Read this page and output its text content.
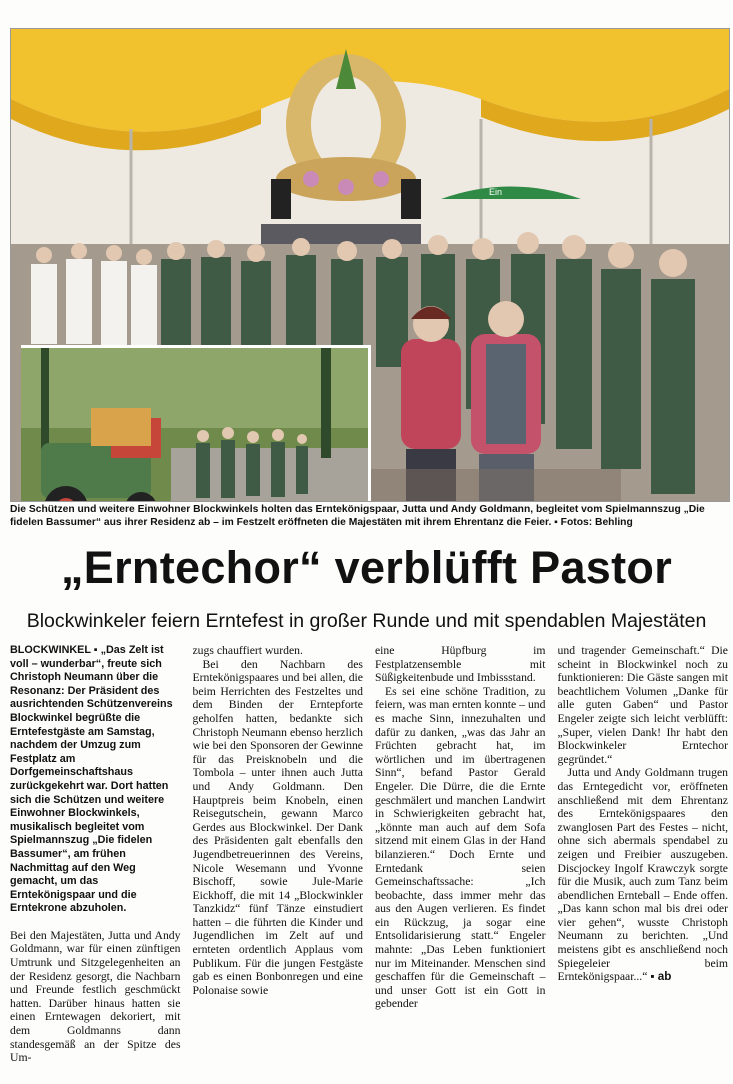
Ein
Die Schützen und weitere Einwohner Blockwinkels holten das Erntekönigspaar, Jutta und Andy Goldmann, begleitet vom Spielmannszug „Die fidelen Bassumer“ aus ihrer Residenz ab – im Festzelt eröffneten die Majestäten mit ihrem Ehrentanz die Feier. ▪ Fotos: Behling
„Erntechor“ verblüfft Pastor
Blockwinkeler feiern Erntefest in großer Runde und mit spendablen Majestäten

BLOCKWINKEL ▪ „Das Zelt ist voll – wunderbar“, freute sich Christoph Neumann über die Resonanz: Der Präsident des ausrichtenden Schützenvereins Blockwinkel begrüßte die Erntefestgäste am Samstag, nachdem der Umzug zum Festplatz am Dorfgemeinschaftshaus zurückgekehrt war. Dort hatten sich die Schützen und weitere Einwohner Blockwinkels, musikalisch begleitet vom Spielmannszug „Die fidelen Bassumer“, am frühen Nachmittag auf den Weg gemacht, um das Erntekönigspaar und die Erntekrone abzuholen.

Bei den Majestäten, Jutta und Andy Goldmann, war für einen zünftigen Umtrunk und Sitzgelegenheiten an der Residenz gesorgt, die Nachbarn und Freunde festlich geschmückt hatten. Darüber hinaus hatten sie einen Erntewagen dekoriert, mit dem Goldmanns dann standesgemäß an der Spitze des Um-

zugs chauffiert wurden.

Bei den Nachbarn des Erntekönigspaares und bei allen, die beim Herrichten des Festzeltes und dem Binden der Erntepforte geholfen hatten, bedankte sich Christoph Neumann ebenso herzlich wie bei den Sponsoren der Gewinne für das Preisknobeln und die Tombola – unter ihnen auch Jutta und Andy Goldmann. Den Hauptpreis beim Knobeln, einen Reisegutschein, gewann Marco Gerdes aus Blockwinkel. Der Dank des Präsidenten galt ebenfalls den Jugendbetreuerinnen des Vereins, Nicole Wesemann und Yvonne Bischoff, sowie Jule-Marie Eickhoff, die mit 14 „Blockwinkler Tanzkidz“ fünf Tänze einstudiert hatten – die führten die Kinder und Jugendlichen im Zelt auf und ernteten ordentlich Applaus vom Publikum. Für die jungen Festgäste gab es einen Bonbonregen und eine Polonaise sowie

eine Hüpfburg im Festplatzensemble mit Süßigkeitenbude und Imbissstand.

Es sei eine schöne Tradition, zu feiern, was man ernten konnte – und es mache Sinn, innezuhalten und dafür zu danken, „was das Jahr an Früchten gebracht hat, im wörtlichen und im übertragenen Sinn“, befand Pastor Gerald Engeler. Die Dürre, die die Ernte geschmälert und manchen Landwirt in Schwierigkeiten gebracht hat, „könnte man auch auf dem Sofa sitzend mit einem Glas in der Hand bilanzieren.“ Doch Ernte und Erntedank seien Gemeinschaftssache: „Ich beobachte, dass immer mehr das aus den Augen verlieren. Es findet ein Rückzug, ja sogar eine Entsolidarisierung statt.“ Engeler mahnte: „Das Leben funktioniert nur im Miteinander. Menschen sind geschaffen für die Gemeinschaft – und unser Gott ist ein Gott in gebender

und tragender Gemeinschaft.“ Die scheint in Blockwinkel noch zu funktionieren: Die Gäste sangen mit beachtlichem Volumen „Danke für alle guten Gaben“ und Pastor Engeler zeigte sich leicht verblüfft: „Super, vielen Dank! Ihr habt den Blockwinkeler Erntechor gegründet.“

Jutta und Andy Goldmann trugen das Erntegedicht vor, eröffneten anschließend mit dem Ehrentanz des Erntekönigspaares den zwanglosen Part des Festes – nicht, ohne sich abermals spendabel zu zeigen und Freibier auszugeben. Discjockey Ingolf Krawczyk sorgte für die Musik, auch zum Tanz beim abendlichen Ernteball – Ende offen. „Das kann schon mal bis drei oder vier gehen“, wusste Christoph Neumann zu berichten. „Und meistens gibt es anschließend noch Spiegeleier beim Erntekönigspaar...“ ▪ ab
